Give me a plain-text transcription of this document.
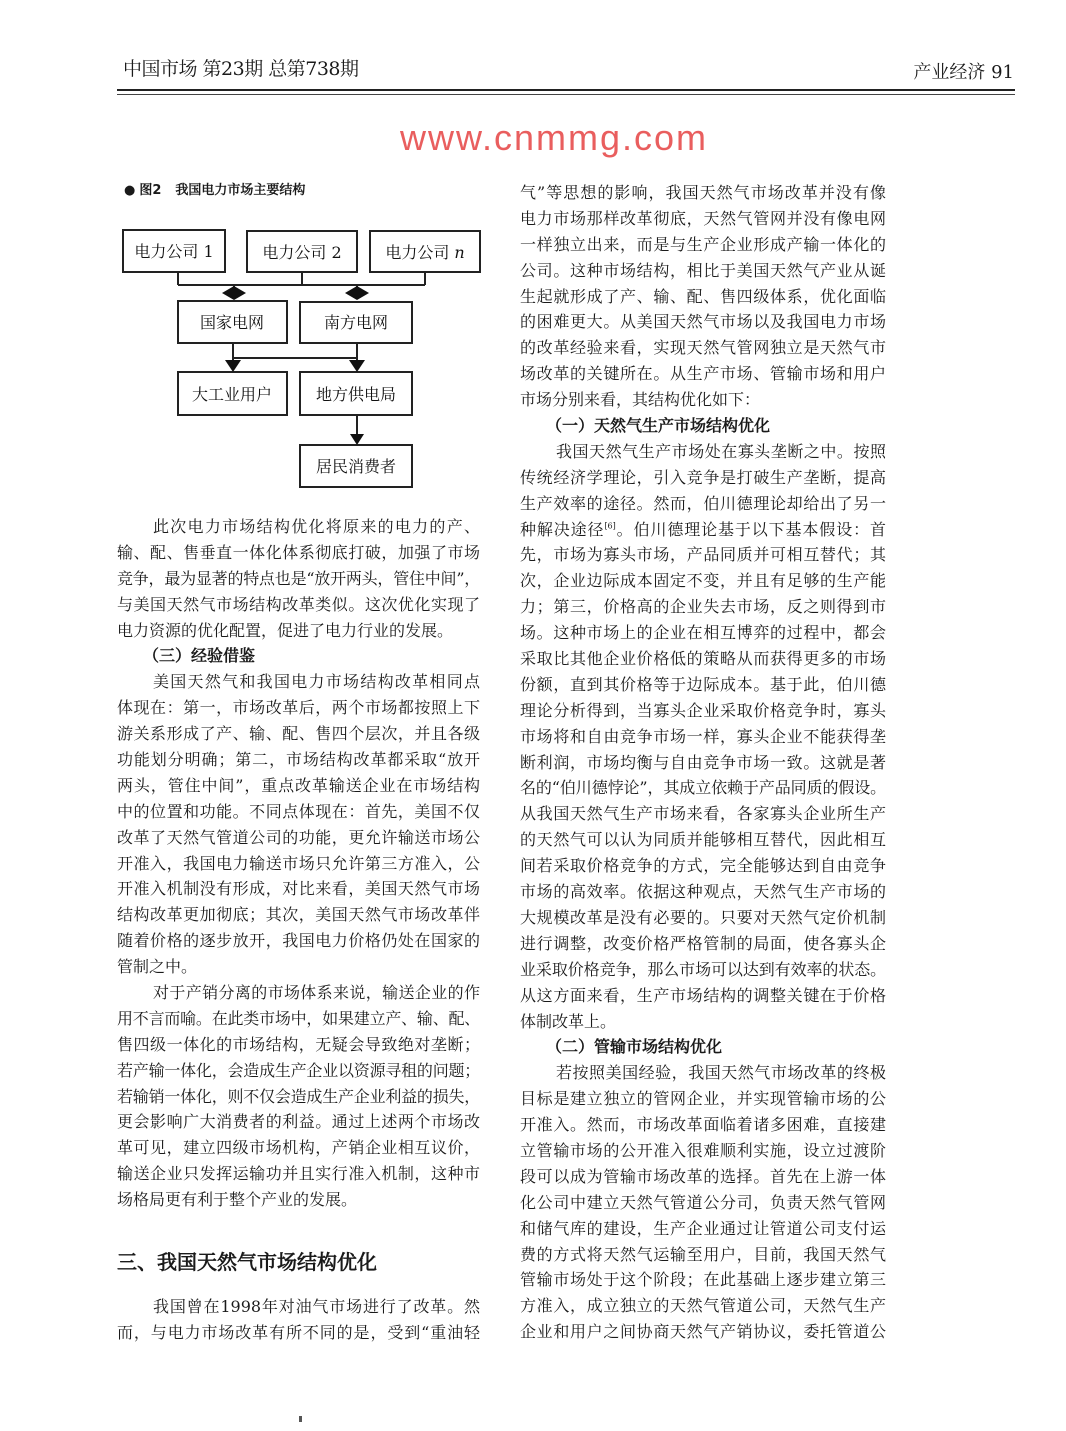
中国市场 第23期 总第738期	产业经济 91
● 图2 我国电力市场主要结构
电力公司 1	电力公司 2	电力公司 n
国家电网	南方电网
大工业用户	地方供电局
居民消费者
此次电力市场结构优化将原来的电力的产、
输、配、售垂直一体化体系彻底打破，加强了市场
竞争，最为显著的特点也是“放开两头，管住中间”，
与美国天然气市场结构改革类似。这次优化实现了
电力资源的优化配置，促进了电力行业的发展。
（三）经验借鉴
美国天然气和我国电力市场结构改革相同点
体现在：第一，市场改革后，两个市场都按照上下
游关系形成了产、输、配、售四个层次，并且各级
功能划分明确；第二，市场结构改革都采取“放开
两头，管住中间”，重点改革输送企业在市场结构
中的位置和功能。不同点体现在：首先，美国不仅
改革了天然气管道公司的功能，更允许输送市场公
开准入，我国电力输送市场只允许第三方准入，公
开准入机制没有形成，对比来看，美国天然气市场
结构改革更加彻底；其次，美国天然气市场改革伴
随着价格的逐步放开，我国电力价格仍处在国家的
管制之中。
对于产销分离的市场体系来说，输送企业的作
用不言而喻。在此类市场中，如果建立产、输、配、
售四级一体化的市场结构，无疑会导致绝对垄断；
若产输一体化，会造成生产企业以资源寻租的问题；
若输销一体化，则不仅会造成生产企业利益的损失，
更会影响广大消费者的利益。通过上述两个市场改
革可见，建立四级市场机构，产销企业相互议价，
输送企业只发挥运输功并且实行准入机制，这种市
场格局更有利于整个产业的发展。
三、我国天然气市场结构优化
我国曾在1998年对油气市场进行了改革。然
而，与电力市场改革有所不同的是，受到“重油轻
气”等思想的影响，我国天然气市场改革并没有像
电力市场那样改革彻底，天然气管网并没有像电网
一样独立出来，而是与生产企业形成产输一体化的
公司。这种市场结构，相比于美国天然气产业从诞
生起就形成了产、输、配、售四级体系，优化面临
的困难更大。从美国天然气市场以及我国电力市场
的改革经验来看，实现天然气管网独立是天然气市
场改革的关键所在。从生产市场、管输市场和用户
市场分别来看，其结构优化如下：
（一）天然气生产市场结构优化
我国天然气生产市场处在寡头垄断之中。按照
传统经济学理论，引入竞争是打破生产垄断，提高
生产效率的途径。然而，伯川德理论却给出了另一
种解决途径[6]。伯川德理论基于以下基本假设：首
先，市场为寡头市场，产品同质并可相互替代；其
次，企业边际成本固定不变，并且有足够的生产能
力；第三，价格高的企业失去市场，反之则得到市
场。这种市场上的企业在相互博弈的过程中，都会
采取比其他企业价格低的策略从而获得更多的市场
份额，直到其价格等于边际成本。基于此，伯川德
理论分析得到，当寡头企业采取价格竞争时，寡头
市场将和自由竞争市场一样，寡头企业不能获得垄
断利润，市场均衡与自由竞争市场一致。这就是著
名的“伯川德悖论”，其成立依赖于产品同质的假设。
从我国天然气生产市场来看，各家寡头企业所生产
的天然气可以认为同质并能够相互替代，因此相互
间若采取价格竞争的方式，完全能够达到自由竞争
市场的高效率。依据这种观点，天然气生产市场的
大规模改革是没有必要的。只要对天然气定价机制
进行调整，改变价格严格管制的局面，使各寡头企
业采取价格竞争，那么市场可以达到有效率的状态。
从这方面来看，生产市场结构的调整关键在于价格
体制改革上。
（二）管输市场结构优化
若按照美国经验，我国天然气市场改革的终极
目标是建立独立的管网企业，并实现管输市场的公
开准入。然而，市场改革面临着诸多困难，直接建
立管输市场的公开准入很难顺利实施，设立过渡阶
段可以成为管输市场改革的选择。首先在上游一体
化公司中建立天然气管道公分司，负责天然气管网
和储气库的建设，生产企业通过让管道公司支付运
费的方式将天然气运输至用户，目前，我国天然气
管输市场处于这个阶段；在此基础上逐步建立第三
方准入，成立独立的天然气管道公司，天然气生产
企业和用户之间协商天然气产销协议，委托管道公
www.cnmmg.com
